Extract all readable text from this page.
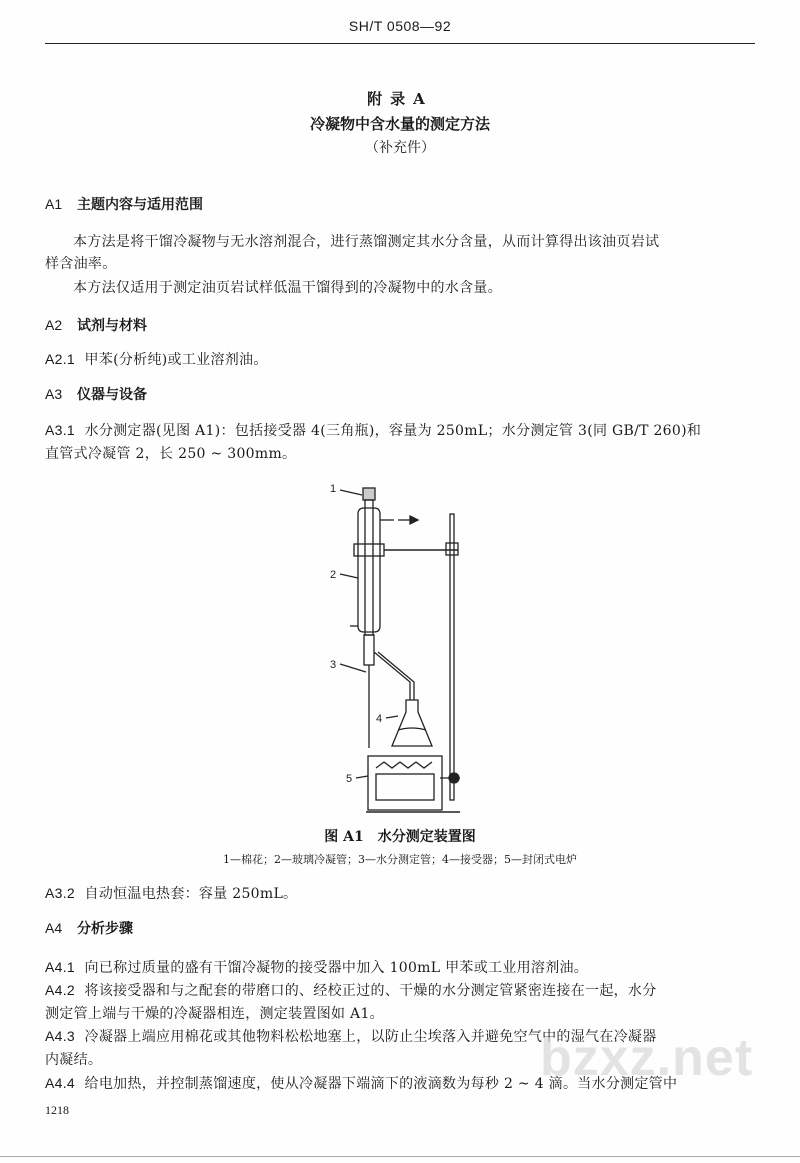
SH/T 0508—92
附录A
冷凝物中含水量的测定方法
（补充件）
A1 主题内容与适用范围
本方法是将干馏冷凝物与无水溶剂混合，进行蒸馏测定其水分含量，从而计算得出该油页岩试
样含油率。
本方法仅适用于测定油页岩试样低温干馏得到的冷凝物中的水含量。
A2 试剂与材料
A2.1 甲苯(分析纯)或工业溶剂油。
A3 仪器与设备
A3.1 水分测定器(见图 A1)：包括接受器 4(三角瓶)，容量为 250mL；水分测定管 3(同 GB/T 260)和
直管式冷凝管 2，长 250 ~ 300mm。
1
2
3
4
5
图 A1　水分测定装置图
1—棉花；2—玻璃冷凝管；3—水分测定管；4—接受器；5—封闭式电炉
A3.2 自动恒温电热套：容量 250mL。
A4 分析步骤
A4.1 向已称过质量的盛有干馏冷凝物的接受器中加入 100mL 甲苯或工业用溶剂油。
A4.2 将该接受器和与之配套的带磨口的、经校正过的、干燥的水分测定管紧密连接在一起，水分
测定管上端与干燥的冷凝器相连，测定装置图如 A1。
A4.3 冷凝器上端应用棉花或其他物料松松地塞上，以防止尘埃落入并避免空气中的湿气在冷凝器
内凝结。
A4.4 给电加热，并控制蒸馏速度，使从冷凝器下端滴下的液滴数为每秒 2 ~ 4 滴。当水分测定管中
bzxz.net
1218
